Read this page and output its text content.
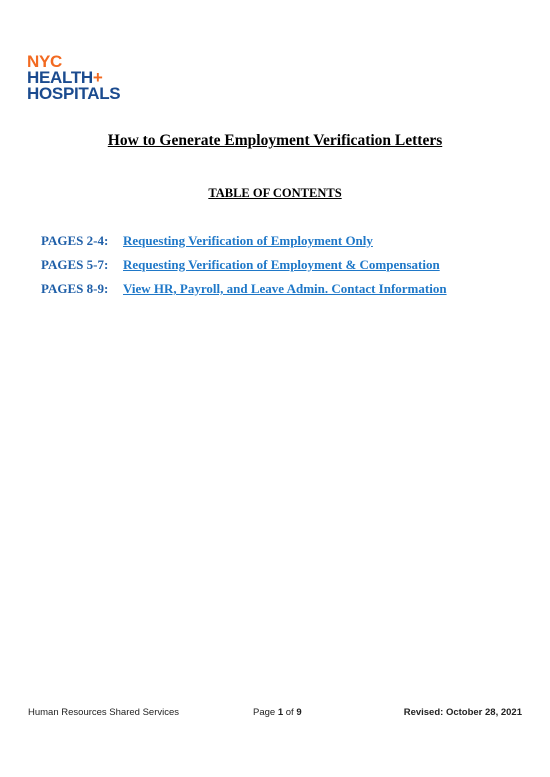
NYC
HEALTH+
HOSPITALS
How to Generate Employment Verification Letters
TABLE OF CONTENTS
PAGES 2-4:	Requesting Verification of Employment Only
PAGES 5-7:	Requesting Verification of Employment & Compensation
PAGES 8-9:	View HR, Payroll, and Leave Admin. Contact Information
Human Resources Shared Services	Page 1 of 9	Revised: October 28, 2021
